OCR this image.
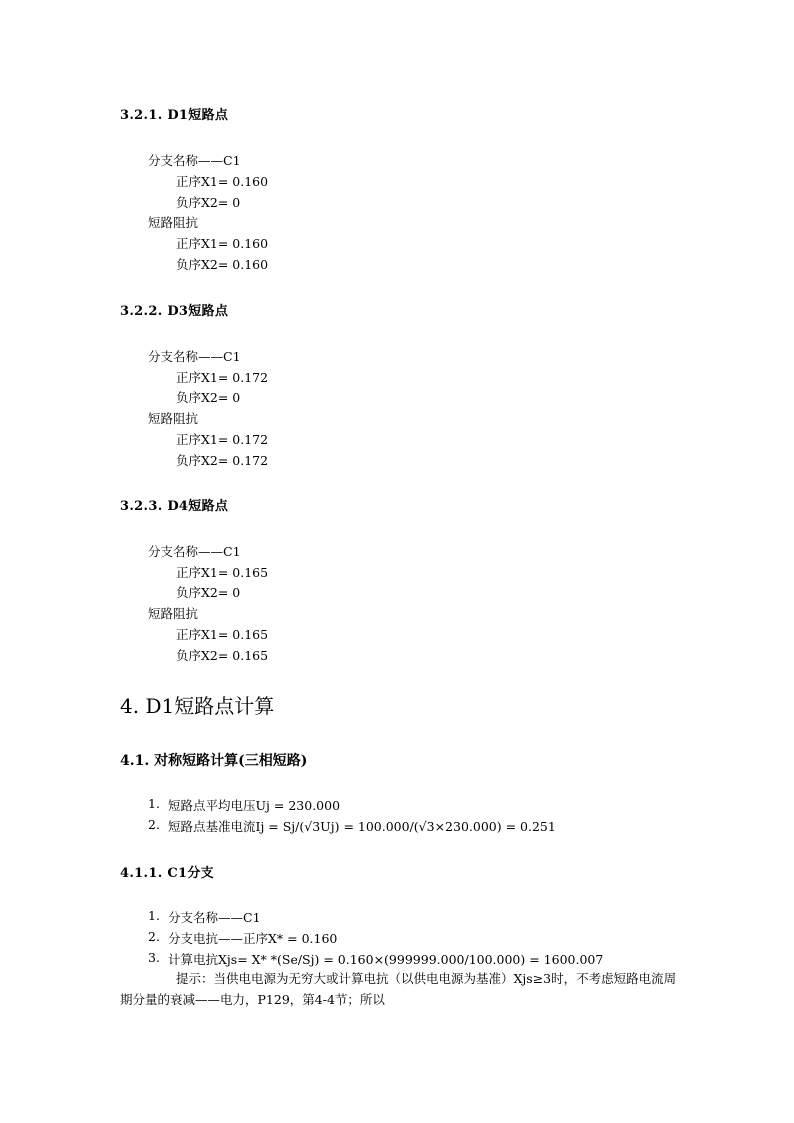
3.2.1. D1短路点
分支名称——C1
正序X1= 0.160
负序X2= 0
短路阻抗
正序X1= 0.160
负序X2= 0.160
3.2.2. D3短路点
分支名称——C1
正序X1= 0.172
负序X2= 0
短路阻抗
正序X1= 0.172
负序X2= 0.172
3.2.3. D4短路点
分支名称——C1
正序X1= 0.165
负序X2= 0
短路阻抗
正序X1= 0.165
负序X2= 0.165
4. D1短路点计算
4.1. 对称短路计算(三相短路)
1. 短路点平均电压Uj = 230.000
2. 短路点基准电流Ij = Sj/(√3Uj) = 100.000/(√3×230.000) = 0.251
4.1.1. C1分支
1. 分支名称——C1
2. 分支电抗——正序X* = 0.160
3. 计算电抗Xjs= X* *(Se/Sj) = 0.160×(999999.000/100.000) = 1600.007
提示：当供电电源为无穷大或计算电抗（以供电电源为基准）Xjs≥3时，不考虑短路电流周期分量的衰减——电力，P129，第4-4节；所以
